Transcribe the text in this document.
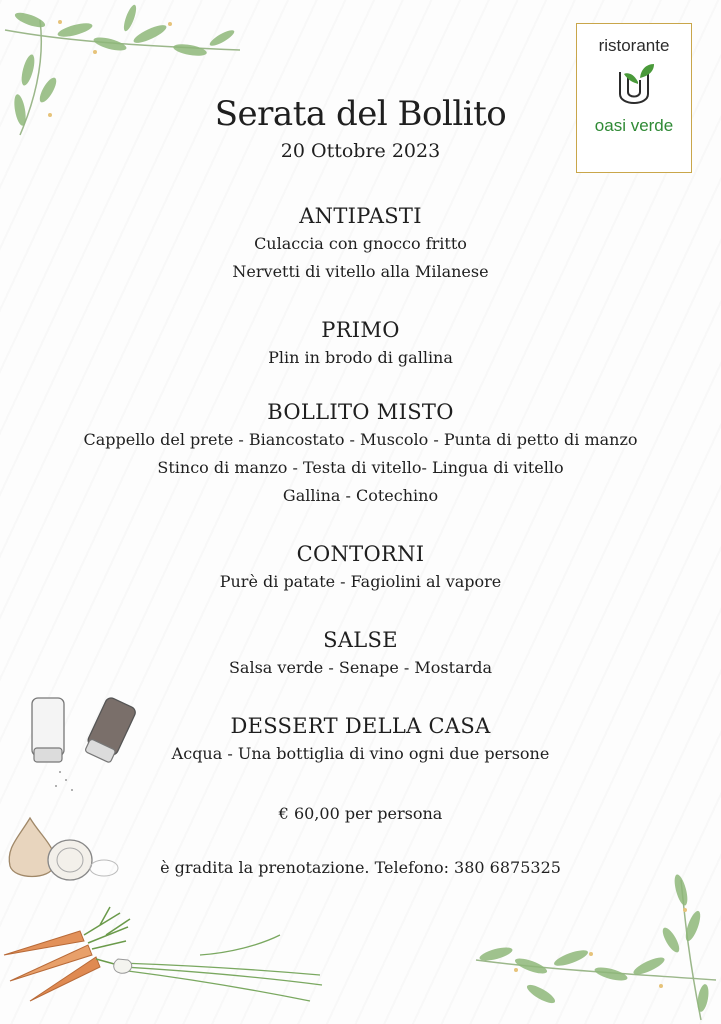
ristorante
oasi verde
Serata del Bollito

20 Ottobre 2023

ANTIPASTI

Culaccia con gnocco fritto

Nervetti di vitello alla Milanese

PRIMO

Plin in brodo di gallina

BOLLITO MISTO

Cappello del prete - Biancostato - Muscolo - Punta di petto di manzo

Stinco di manzo - Testa di vitello- Lingua di vitello

Gallina - Cotechino

CONTORNI

Purè di patate - Fagiolini al vapore

SALSE

Salsa verde - Senape - Mostarda

DESSERT DELLA CASA

Acqua - Una bottiglia di vino ogni due persone

€ 60,00 per persona

è gradita la prenotazione. Telefono: 380 6875325
